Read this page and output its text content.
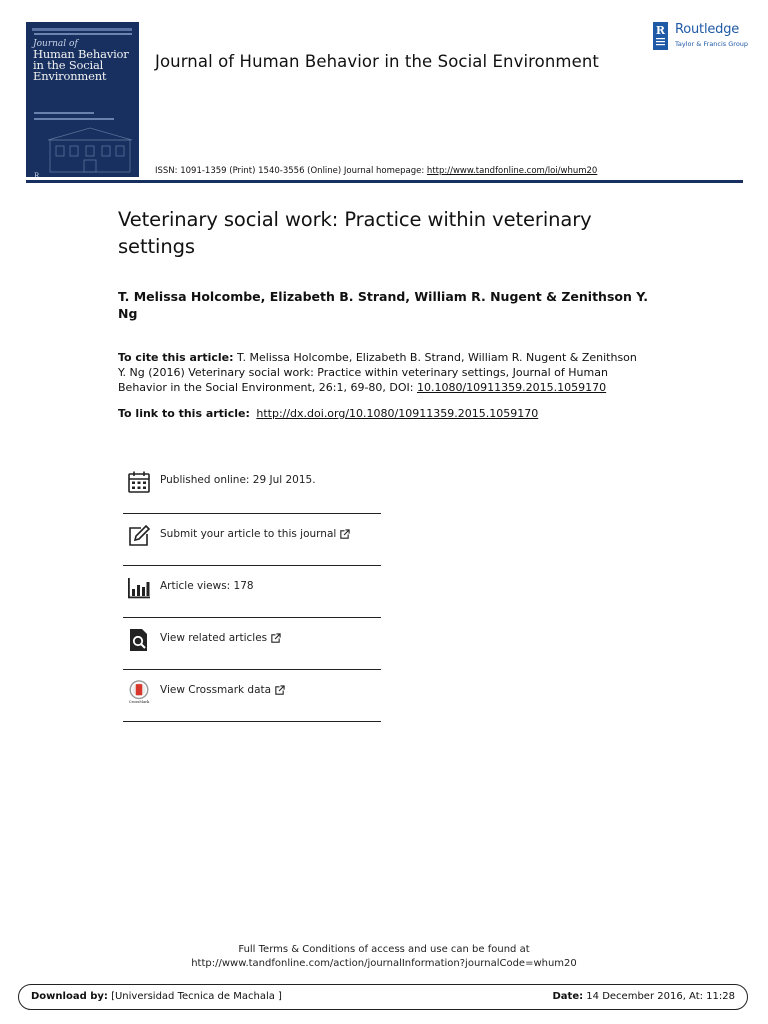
Journal of
Human Behavior
in the Social
Environment
R
Journal of Human Behavior in the Social Environment
R Routledge
Taylor & Francis Group
ISSN: 1091-1359 (Print) 1540-3556 (Online) Journal homepage: http://www.tandfonline.com/loi/whum20
Veterinary social work: Practice within veterinary settings
T. Melissa Holcombe, Elizabeth B. Strand, William R. Nugent & Zenithson Y. Ng
To cite this article: T. Melissa Holcombe, Elizabeth B. Strand, William R. Nugent & Zenithson Y. Ng (2016) Veterinary social work: Practice within veterinary settings, Journal of Human Behavior in the Social Environment, 26:1, 69-80, DOI: 10.1080/10911359.2015.1059170
To link to this article: http://dx.doi.org/10.1080/10911359.2015.1059170
Published online: 29 Jul 2015.
Submit your article to this journal
Article views: 178
View related articles
CrossMark
View Crossmark data
Full Terms & Conditions of access and use can be found at
http://www.tandfonline.com/action/journalInformation?journalCode=whum20
Download by: [Universidad Tecnica de Machala ]	Date: 14 December 2016, At: 11:28
